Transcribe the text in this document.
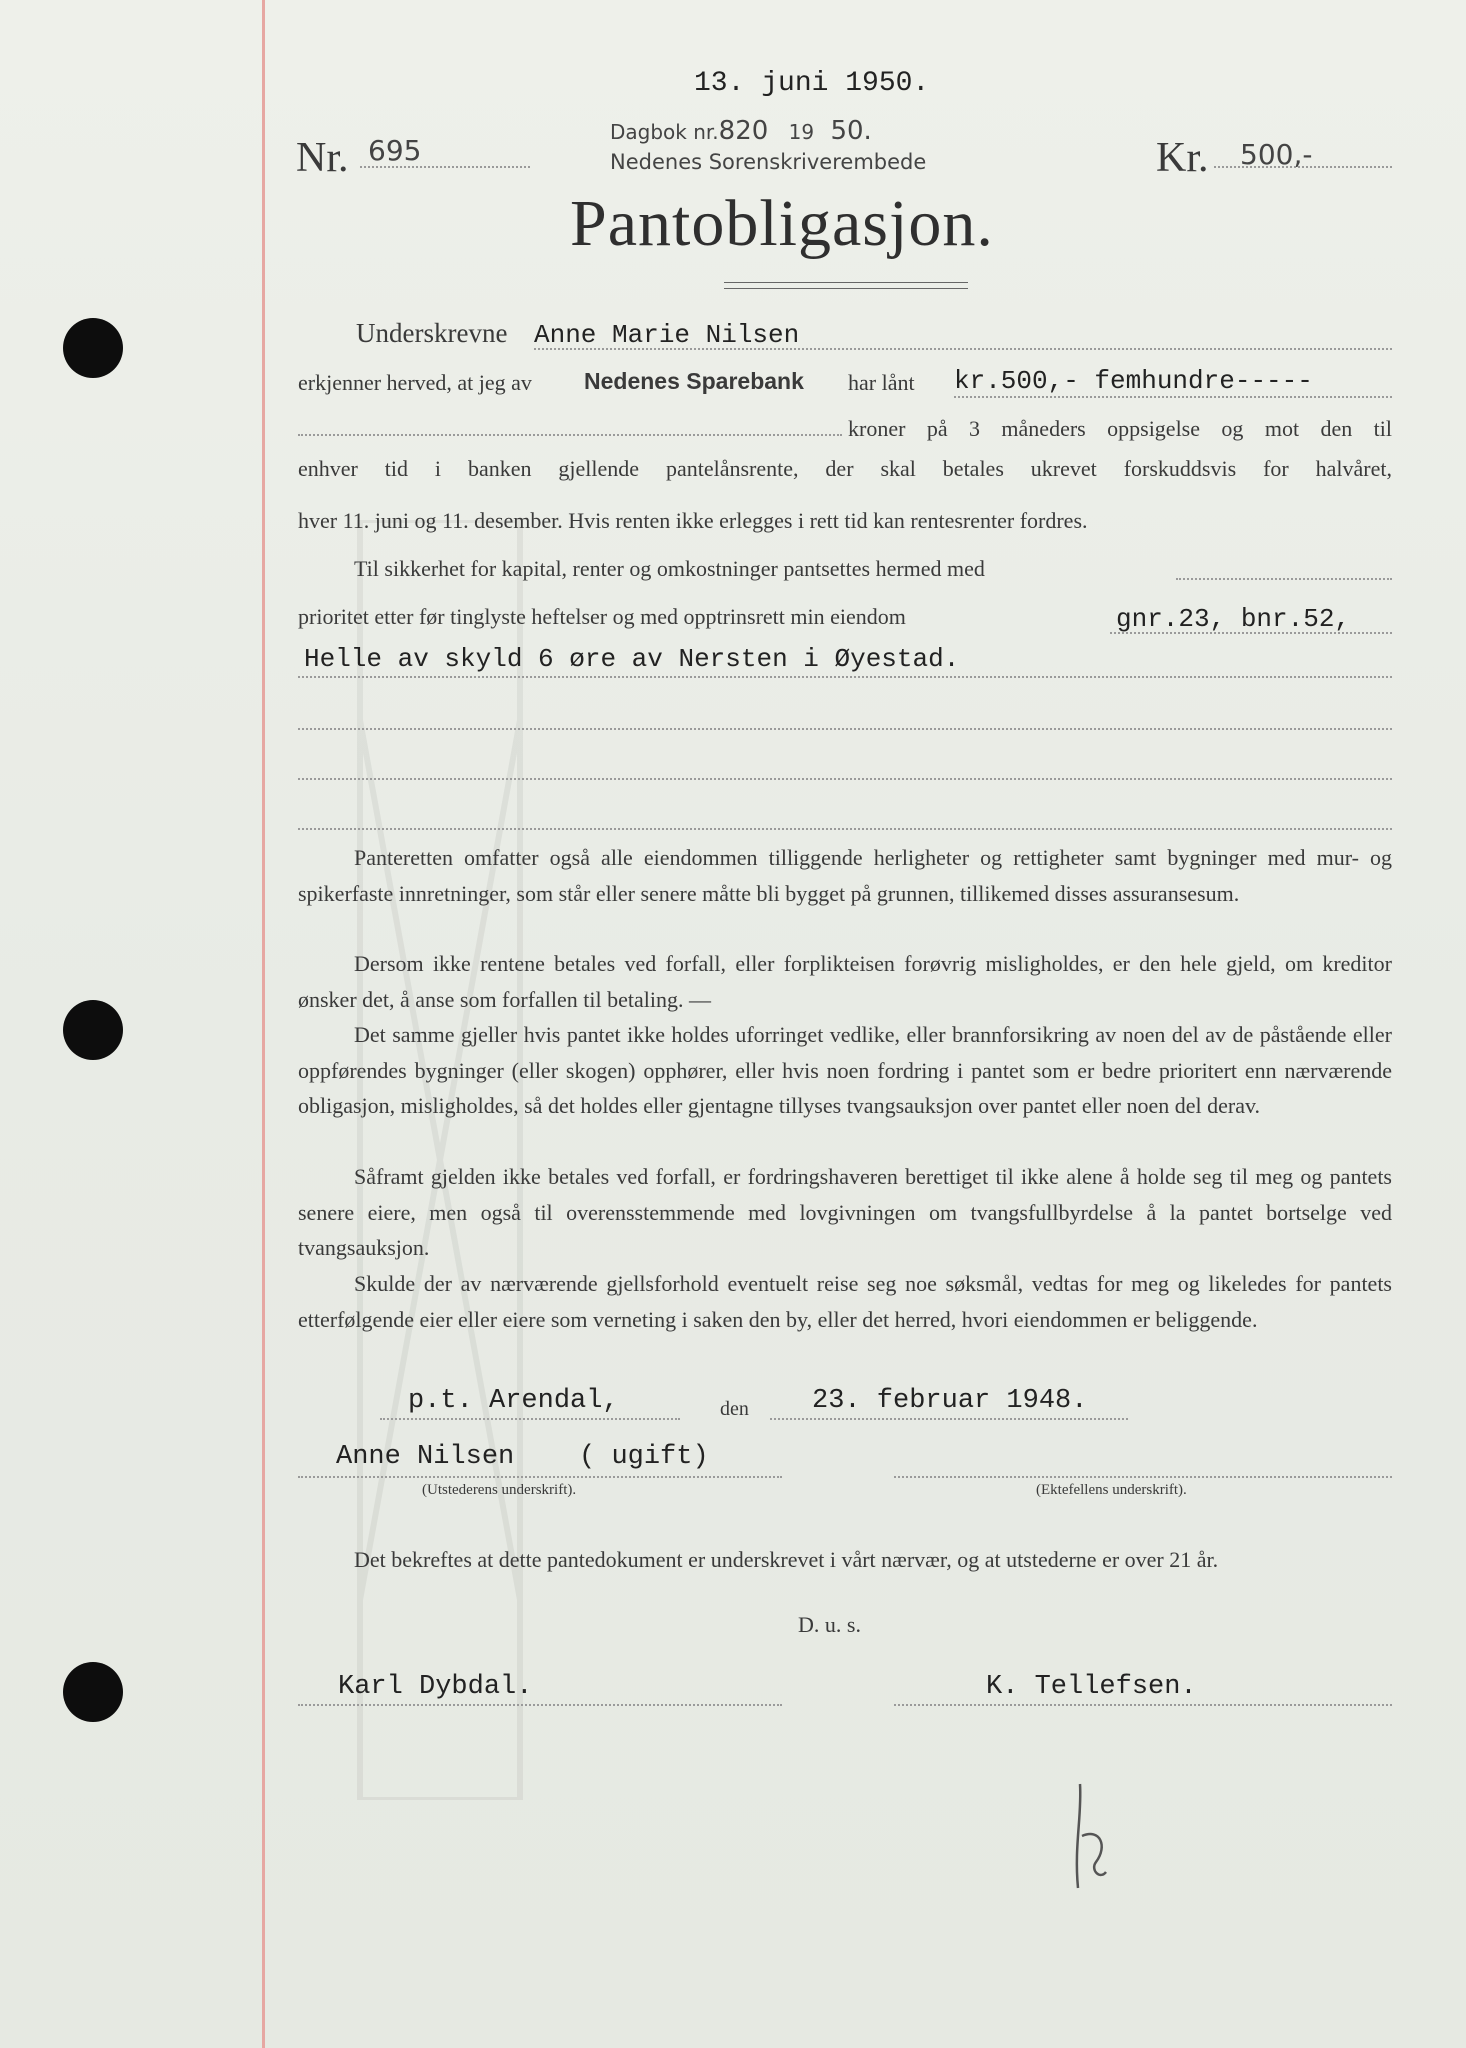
13. juni 1950.
Nr. 695
Dagbok nr.820 19 50.
Nedenes Sorenskriverembede	Kr. 500,-
Pantobligasjon.
Underskrevne Anne Marie Nilsen
erkjenner herved, at jeg av Nedenes Sparebank har lånt kr.500,- femhundre-----
kroner på 3 måneders oppsigelse og mot den til
enhver tid i banken gjellende pantelånsrente, der skal betales ukrevet forskuddsvis for halvåret,
hver 11. juni og 11. desember. Hvis renten ikke erlegges i rett tid kan rentesrenter fordres.
Til sikkerhet for kapital, renter og omkostninger pantsettes hermed med
prioritet etter før tinglyste heftelser og med opptrinsrett min eiendom	gnr.23, bnr.52,
Helle av skyld 6 øre av Nersten i Øyestad.
Panteretten omfatter også alle eiendommen tilliggende herligheter og rettigheter samt bygninger med mur- og spikerfaste innretninger, som står eller senere måtte bli bygget på grunnen, tillikemed disses assuransesum.
Dersom ikke rentene betales ved forfall, eller forplikteisen forøvrig misligholdes, er den hele gjeld, om kreditor ønsker det, å anse som forfallen til betaling. —
Det samme gjeller hvis pantet ikke holdes uforringet vedlike, eller brannforsikring av noen del av de påstående eller oppførendes bygninger (eller skogen) opphører, eller hvis noen fordring i pantet som er bedre prioritert enn nærværende obligasjon, misligholdes, så det holdes eller gjentagne tillyses tvangsauksjon over pantet eller noen del derav.
Såframt gjelden ikke betales ved forfall, er fordringshaveren berettiget til ikke alene å holde seg til meg og pantets senere eiere, men også til overensstemmende med lovgivningen om tvangsfullbyrdelse å la pantet bortselge ved tvangsauksjon.
Skulde der av nærværende gjellsforhold eventuelt reise seg noe søksmål, vedtas for meg og likeledes for pantets etterfølgende eier eller eiere som verneting i saken den by, eller det herred, hvori eiendommen er beliggende.
p.t. Arendal,	den 23. februar 1948.
Anne Nilsen    ( ugift)
(Utstederens underskrift).	(Ektefellens underskrift).
Det bekreftes at dette pantedokument er underskrevet i vårt nærvær, og at utstederne er over 21 år.
D. u. s.
Karl Dybdal.	K. Tellefsen.
